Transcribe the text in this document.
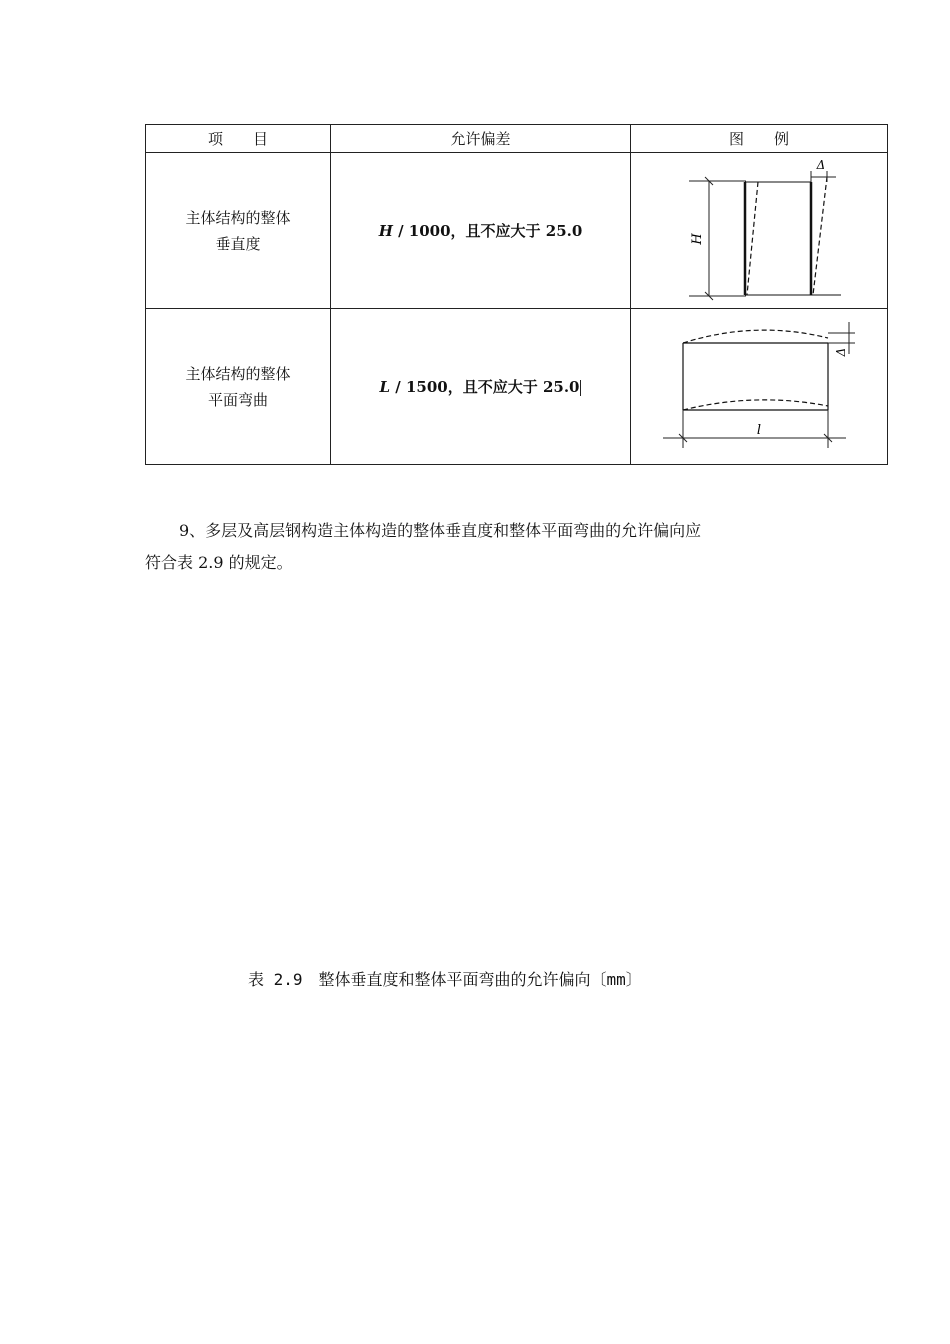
项　　目	允许偏差	图　　例
主体结构的整体
垂直度	H / 1000，且不应大于 25.0	H
Δ

主体结构的整体
平面弯曲	L / 1500，且不应大于 25.0	Δ
l
9、多层及高层钢构造主体构造的整体垂直度和整体平面弯曲的允许偏向应
符合表 2.9 的规定。
表 2.9　整体垂直度和整体平面弯曲的允许偏向〔mm〕
